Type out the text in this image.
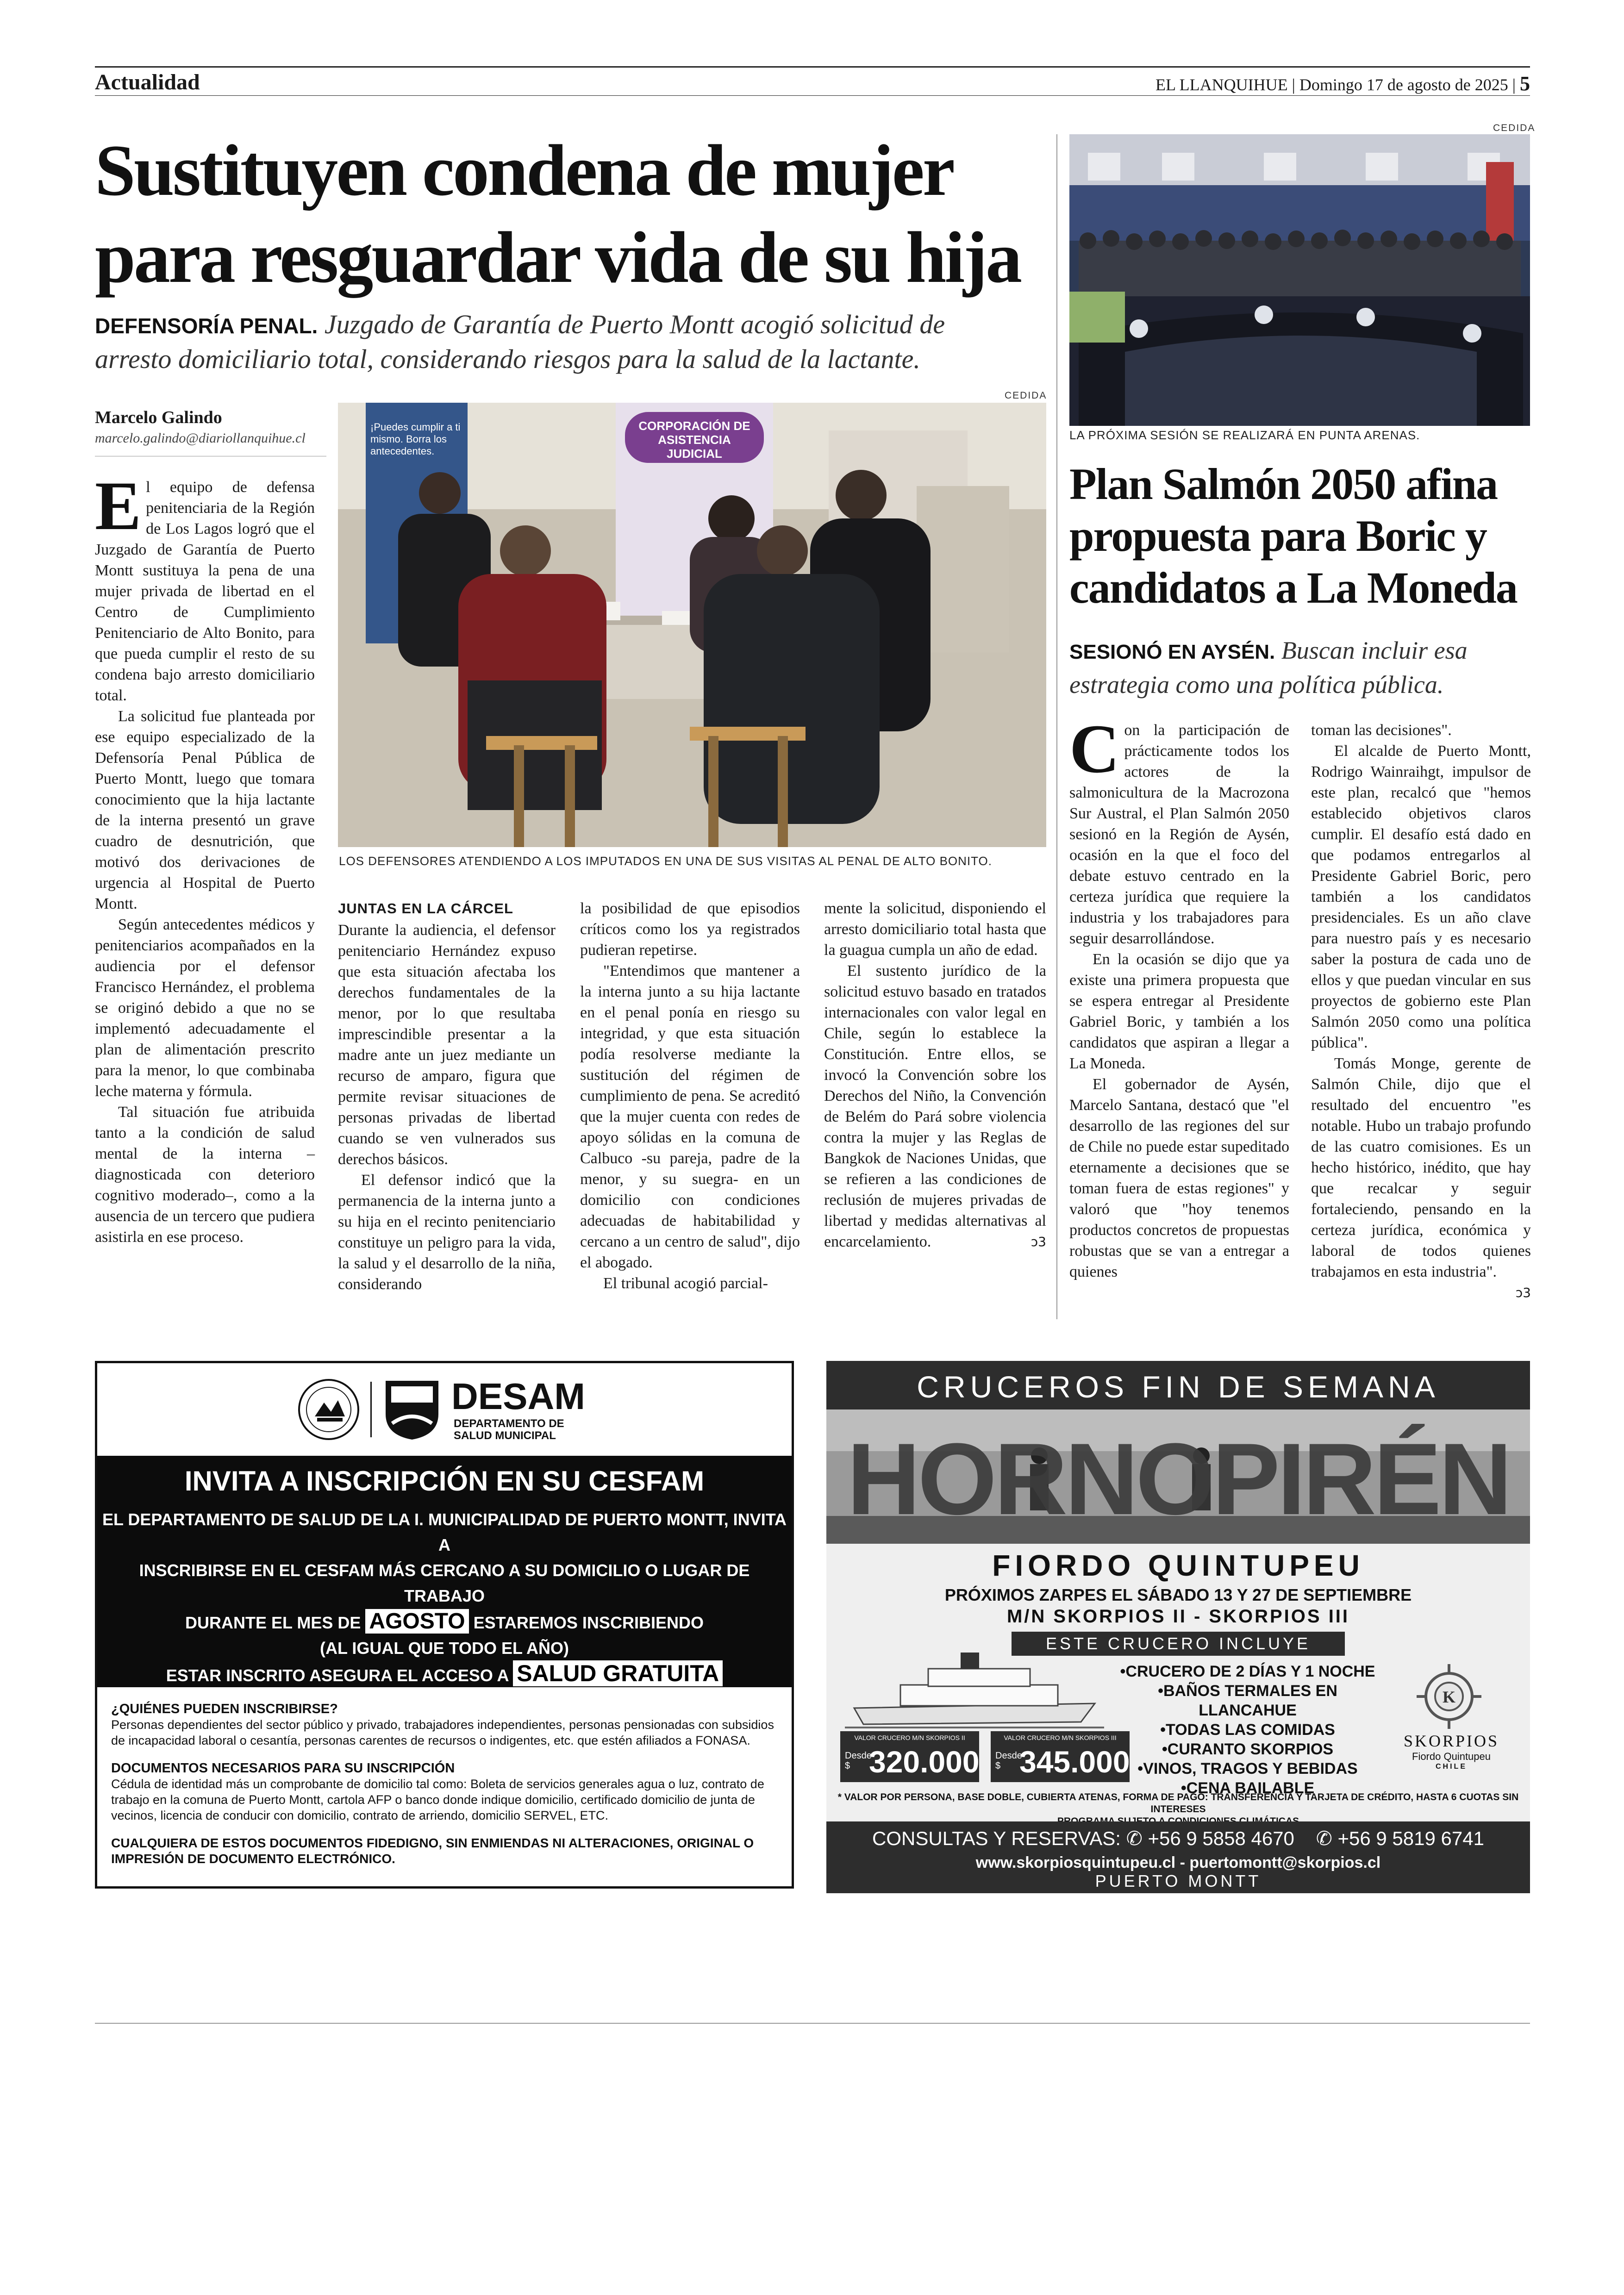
Actualidad	EL LLANQUIHUE | Domingo 17 de agosto de 2025 | 5
Sustituyen condena de mujer
para resguardar vida de su hija
DEFENSORÍA PENAL. Juzgado de Garantía de Puerto Montt acogió solicitud de
arresto domiciliario total, considerando riesgos para la salud de la lactante.
Marcelo Galindo
marcelo.galindo@diariollanquihue.cl

El equipo de defensa penitenciaria de la Región de Los Lagos logró que el Juzgado de Garantía de Puerto Montt sustituya la pena de una mujer privada de libertad en el Centro de Cumplimiento Penitenciario de Alto Bonito, para que pueda cumplir el resto de su condena bajo arresto domiciliario total.

La solicitud fue planteada por ese equipo especializado de la Defensoría Penal Pública de Puerto Montt, luego que tomara conocimiento que la hija lactante de la interna presentó un grave cuadro de desnutrición, que motivó dos derivaciones de urgencia al Hospital de Puerto Montt.

Según antecedentes médicos y penitenciarios acompañados en la audiencia por el defensor Francisco Hernández, el problema se originó debido a que no se implementó adecuadamente el plan de alimentación prescrito para la menor, lo que combinaba leche materna y fórmula.

Tal situación fue atribuida tanto a la condición de salud mental de la interna –diagnosticada con deterioro cognitivo moderado–, como a la ausencia de un tercero que pudiera asistirla en ese proceso.

CEDIDA
CORPORACIÓN DE ASISTENCIA JUDICIAL
¡Puedes cumplir a ti mismo. Borra los antecedentes.
LOS DEFENSORES ATENDIENDO A LOS IMPUTADOS EN UNA DE SUS VISITAS AL PENAL DE ALTO BONITO.
JUNTAS EN LA CÁRCEL

Durante la audiencia, el defensor penitenciario Hernández expuso que esta situación afectaba los derechos fundamentales de la menor, por lo que resultaba imprescindible presentar a la madre ante un juez mediante un recurso de amparo, figura que permite revisar situaciones de personas privadas de libertad cuando se ven vulnerados sus derechos básicos.

El defensor indicó que la permanencia de la interna junto a su hija en el recinto penitenciario constituye un peligro para la vida, la salud y el desarrollo de la niña, considerando

la posibilidad de que episodios críticos como los ya registrados pudieran repetirse.

"Entendimos que mantener a la interna junto a su hija lactante en el penal ponía en riesgo su integridad, y que esta situación podía resolverse mediante la sustitución del régimen de cumplimiento de pena. Se acreditó que la mujer cuenta con redes de apoyo sólidas en la comuna de Calbuco -su pareja, padre de la menor, y su suegra- en un domicilio con condiciones adecuadas de habitabilidad y cercano a un centro de salud", dijo el abogado.

El tribunal acogió parcial-

mente la solicitud, disponiendo el arresto domiciliario total hasta que la guagua cumpla un año de edad.

El sustento jurídico de la solicitud estuvo basado en tratados internacionales con valor legal en Chile, según lo establece la Constitución. Entre ellos, se invocó la Convención sobre los Derechos del Niño, la Convención de Belém do Pará sobre violencia contra la mujer y las Reglas de Bangkok de Naciones Unidas, que se refieren a las condiciones de reclusión de mujeres privadas de libertad y medidas alternativas al encarcelamiento.	ↄ3

CEDIDA
LA PRÓXIMA SESIÓN SE REALIZARÁ EN PUNTA ARENAS.
Plan Salmón 2050 afina
propuesta para Boric y
candidatos a La Moneda
SESIONÓ EN AYSÉN. Buscan incluir esa
estrategia como una política pública.

Con la participación de prácticamente todos los actores de la salmonicultura de la Macrozona Sur Austral, el Plan Salmón 2050 sesionó en la Región de Aysén, ocasión en la que el foco del debate estuvo centrado en la certeza jurídica que requiere la industria y los trabajadores para seguir desarrollándose.

En la ocasión se dijo que ya existe una primera propuesta que se espera entregar al Presidente Gabriel Boric, y también a los candidatos que aspiran a llegar a La Moneda.

El gobernador de Aysén, Marcelo Santana, destacó que "el desarrollo de las regiones del sur de Chile no puede estar supeditado eternamente a decisiones que se toman fuera de estas regiones" y valoró que "hoy tenemos productos concretos de propuestas robustas que se van a entregar a quienes

toman las decisiones".

El alcalde de Puerto Montt, Rodrigo Wainraihgt, impulsor de este plan, recalcó que "hemos establecido objetivos claros cumplir. El desafío está dado en que podamos entregarlos al Presidente Gabriel Boric, pero también a los candidatos presidenciales. Es un año clave para nuestro país y es necesario saber la postura de cada uno de ellos y que puedan vincular en sus proyectos de gobierno este Plan Salmón 2050 como una política pública".

Tomás Monge, gerente de Salmón Chile, dijo que el resultado del encuentro "es notable. Hubo un trabajo profundo de las cuatro comisiones. Es un hecho histórico, inédito, que hay que recalcar y seguir fortaleciendo, pensando en la certeza jurídica, económica y laboral de todos quienes trabajamos en esta industria".
ↄ3

DESAM
DEPARTAMENTO DE
SALUD MUNICIPAL
INVITA A INSCRIPCIÓN EN SU CESFAM
EL DEPARTAMENTO DE SALUD DE LA I. MUNICIPALIDAD DE PUERTO MONTT, INVITA A
INSCRIBIRSE EN EL CESFAM MÁS CERCANO A SU DOMICILIO O LUGAR DE TRABAJO
DURANTE EL MES DE AGOSTO ESTAREMOS INSCRIBIENDO
(AL IGUAL QUE TODO EL AÑO)
ESTAR INSCRITO ASEGURA EL ACCESO A SALUD GRATUITA
EN TU CESFAM MÁS CERCANO.
¿QUIÉNES PUEDEN INSCRIBIRSE?
Personas dependientes del sector público y privado, trabajadores independientes, personas pensionadas con subsidios de incapacidad laboral o cesantía, personas carentes de recursos o indigentes, etc. que estén afiliados a FONASA.
DOCUMENTOS NECESARIOS PARA SU INSCRIPCIÓN
Cédula de identidad más un comprobante de domicilio tal como: Boleta de servicios generales agua o luz, contrato de trabajo en la comuna de Puerto Montt, cartola AFP o banco donde indique domicilio, certificado domicilio de junta de vecinos, licencia de conducir con domicilio, contrato de arriendo, domicilio SERVEL, ETC.
CUALQUIERA DE ESTOS DOCUMENTOS FIDEDIGNO, SIN ENMIENDAS NI ALTERACIONES, ORIGINAL O IMPRESIÓN DE DOCUMENTO ELECTRÓNICO.
CRUCEROS FIN DE SEMANA
HORNOPIRÉN
FIORDO QUINTUPEU
PRÓXIMOS ZARPES EL SÁBADO 13 Y 27 DE SEPTIEMBRE
M/N SKORPIOS II - SKORPIOS III
ESTE CRUCERO INCLUYE
•CRUCERO DE 2 DÍAS Y 1 NOCHE
•BAÑOS TERMALES EN LLANCAHUE
•TODAS LAS COMIDAS
•CURANTO SKORPIOS
•VINOS, TRAGOS Y BEBIDAS
•CENA BAILABLE
VALOR CRUCERO M/N SKORPIOS II
Desde
$ 320.000
VALOR CRUCERO M/N SKORPIOS III
Desde
$ 345.000
K
SKORPIOS
Fiordo Quintupeu
CHILE
* VALOR POR PERSONA, BASE DOBLE, CUBIERTA ATENAS, FORMA DE PAGO: TRANSFERENCIA Y TARJETA DE CRÉDITO, HASTA 6 CUOTAS SIN INTERESES
CONSULTAS Y RESERVAS: ✆ +56 9 5858 4670 ✆ +56 9 5819 6741
www.skorpiosquintupeu.cl - puertomontt@skorpios.cl
PUERTO MONTT
